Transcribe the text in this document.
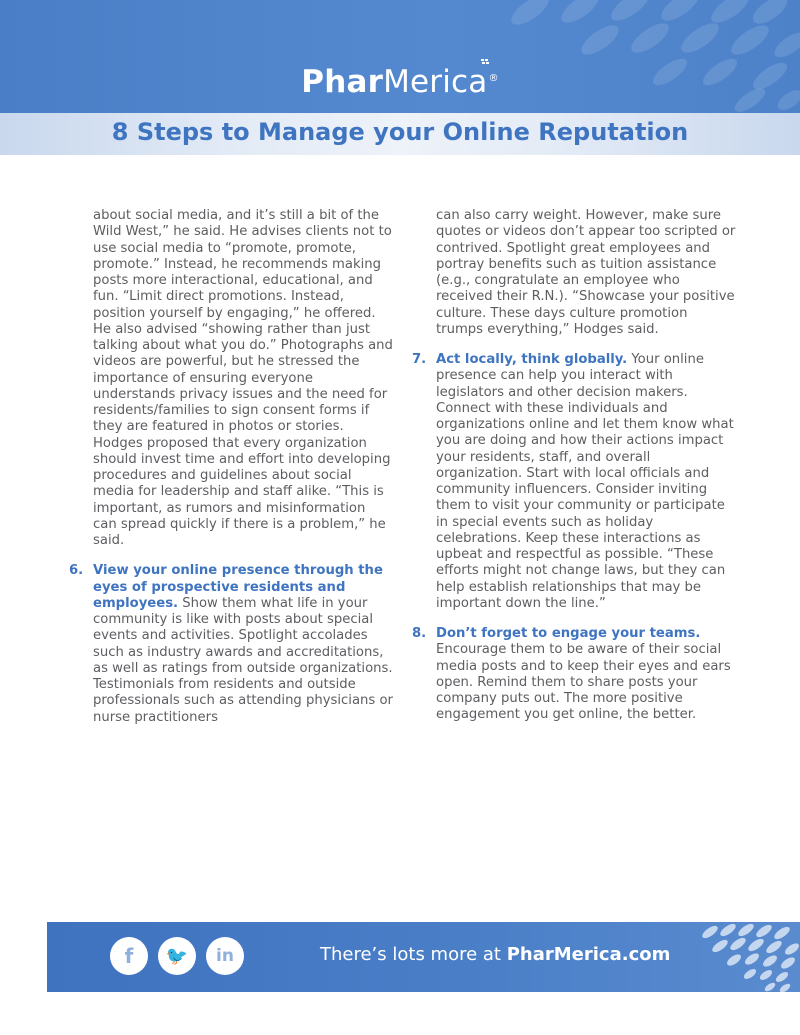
PharMerica
®
8 Steps to Manage your Online Reputation

about social media, and it’s still a bit of the Wild West,” he said. He advises clients not to use social media to “promote, promote, promote.” Instead, he recommends making posts more interactional, educational, and fun. “Limit direct promotions. Instead, position yourself by engaging,” he offered. He also advised “showing rather than just talking about what you do.” Photographs and videos are powerful, but he stressed the importance of ensuring everyone understands privacy issues and the need for residents/families to sign consent forms if they are featured in photos or stories. Hodges proposed that every organization should invest time and effort into developing procedures and guidelines about social media for leadership and staff alike. “This is important, as rumors and misinformation can spread quickly if there is a problem,” he said.

6. View your online presence through the eyes of prospective residents and employees. Show them what life in your community is like with posts about special events and activities. Spotlight accolades such as industry awards and accreditations, as well as ratings from outside organizations. Testimonials from residents and outside professionals such as attending physicians or nurse practitioners

can also carry weight. However, make sure quotes or videos don’t appear too scripted or contrived. Spotlight great employees and portray benefits such as tuition assistance (e.g., congratulate an employee who received their R.N.). “Showcase your positive culture. These days culture promotion trumps everything,” Hodges said.

7. Act locally, think globally. Your online presence can help you interact with legislators and other decision makers. Connect with these individuals and organizations online and let them know what you are doing and how their actions impact your residents, staff, and overall organization. Start with local officials and community influencers. Consider inviting them to visit your community or participate in special events such as holiday celebrations. Keep these interactions as upbeat and respectful as possible. “These efforts might not change laws, but they can help establish relationships that may be important down the line.”

8. Don’t forget to engage your teams. Encourage them to be aware of their social media posts and to keep their eyes and ears open. Remind them to share posts your company puts out. The more positive engagement you get online, the better.

f	🐦	in	There’s lots more at PharMerica.com
